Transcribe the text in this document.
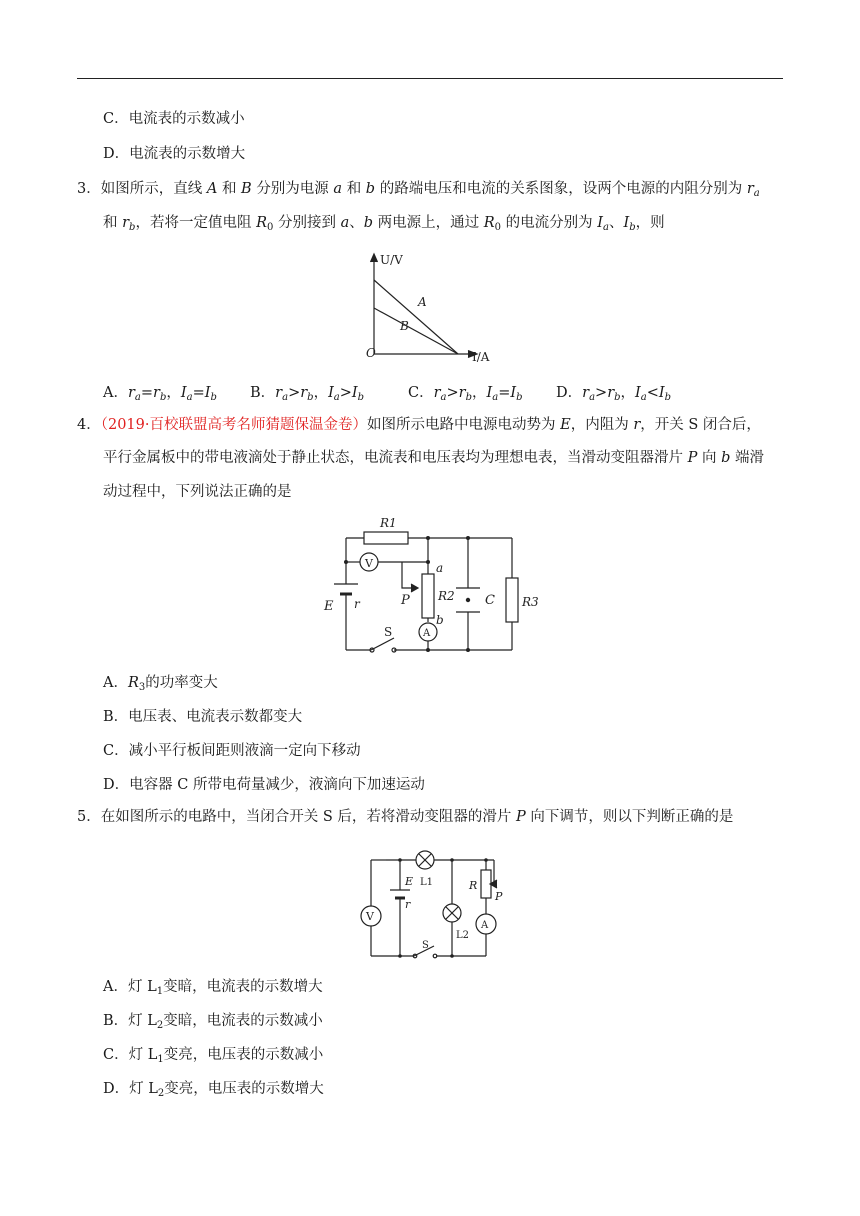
C．电流表的示数减小
D．电流表的示数增大
3．如图所示，直线 A 和 B 分别为电源 a 和 b 的路端电压和电流的关系图象，设两个电源的内阻分别为 $r_a$
和 $r_b$，若将一定值电阻 $R_0$ 分别接到 a、b 两电源上，通过 $R_0$ 的电流分别为 $I_a$、$I_b$，则
U/V
I/A
O
A
B
A．$r_a=r_b$，$I_a=I_b$ B．$r_a>r_b$，$I_a>I_b$	C．$r_a>r_b$，$I_a=I_b$ D．$r_a>r_b$，$I_a<I_b$
4．（2019·百校联盟高考名师猜题保温金卷）如图所示电路中电源电动势为 E，内阻为 r，开关 S 闭合后，
平行金属板中的带电液滴处于静止状态，电流表和电压表均为理想电表，当滑动变阻器滑片 P 向 b 端滑
动过程中，下列说法正确的是
R1
V
A
a
b
R2 C R3
E r	P
S
A．$R_3$的功率变大
B．电压表、电流表示数都变大
C．减小平行板间距则液滴一定向下移动
D．电容器 C 所带电荷量减少，液滴向下加速运动
5．在如图所示的电路中，当闭合开关 S 后，若将滑动变阻器的滑片 P 向下调节，则以下判断正确的是
V
A
L1
L2
E
r
R
P
S
A．灯 $L_1$变暗，电流表的示数增大
B．灯 $L_2$变暗，电流表的示数减小
C．灯 $L_1$变亮，电压表的示数减小
D．灯 $L_2$变亮，电压表的示数增大
